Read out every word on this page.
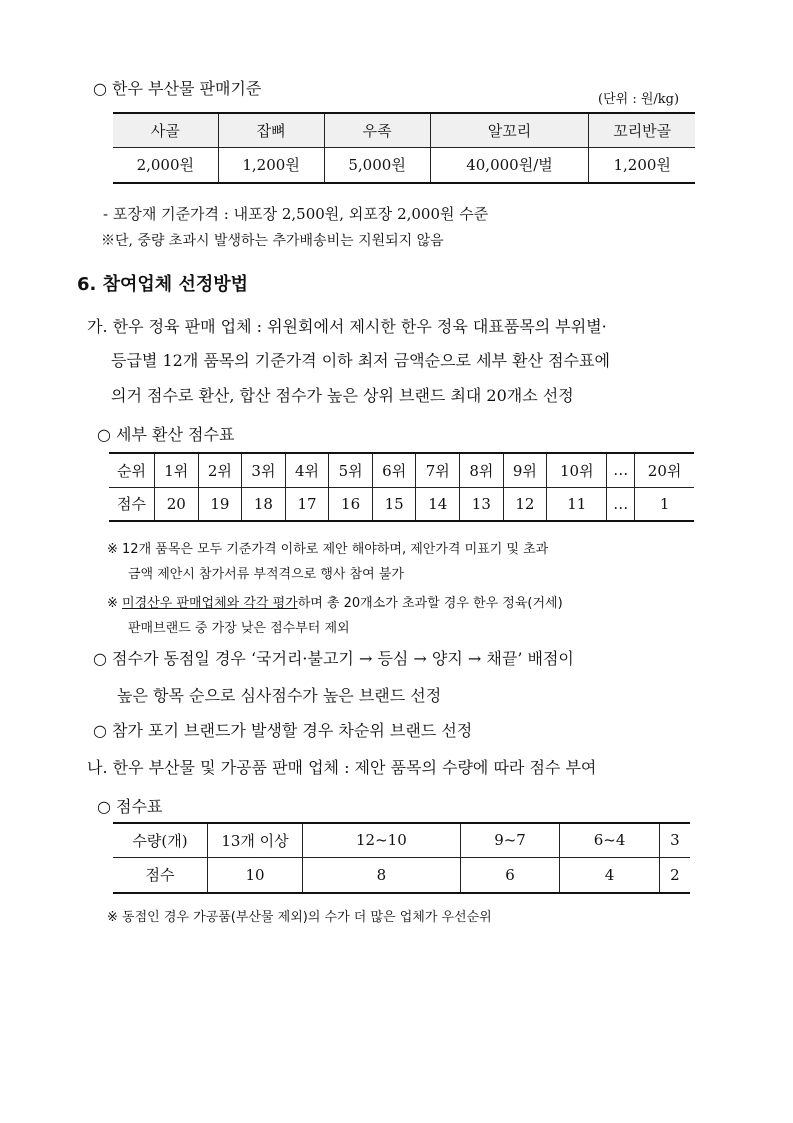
○ 한우 부산물 판매기준
(단위 : 원/kg)
사골	잡뼈	우족	알꼬리	꼬리반골
2,000원	1,200원	5,000원	40,000원/벌	1,200원
- 포장재 기준가격 : 내포장 2,500원, 외포장 2,000원 수준
※단, 중량 초과시 발생하는 추가배송비는 지원되지 않음
6. 참여업체 선정방법
가. 한우 정육 판매 업체 : 위원회에서 제시한 한우 정육 대표품목의 부위별·
등급별 12개 품목의 기준가격 이하 최저 금액순으로 세부 환산 점수표에
의거 점수로 환산, 합산 점수가 높은 상위 브랜드 최대 20개소 선정
○ 세부 환산 점수표
순위	1위	2위	3위	4위	5위	6위	7위	8위	9위	10위	…	20위
점수	20	19	18	17	16	15	14	13	12	11	…	1
※ 12개 품목은 모두 기준가격 이하로 제안 해야하며, 제안가격 미표기 및 초과
금액 제안시 참가서류 부적격으로 행사 참여 불가
※ 미경산우 판매업체와 각각 평가하며 총 20개소가 초과할 경우 한우 정육(거세)
판매브랜드 중 가장 낮은 점수부터 제외
○ 점수가 동점일 경우 ‘국거리·불고기 → 등심 → 양지 → 채끝’ 배점이
높은 항목 순으로 심사점수가 높은 브랜드 선정
○ 참가 포기 브랜드가 발생할 경우 차순위 브랜드 선정
나. 한우 부산물 및 가공품 판매 업체 : 제안 품목의 수량에 따라 점수 부여
○ 점수표
수량(개)	13개 이상	12~10	9~7	6~4	3
점수	10	8	6	4	2
※ 동점인 경우 가공품(부산물 제외)의 수가 더 많은 업체가 우선순위
